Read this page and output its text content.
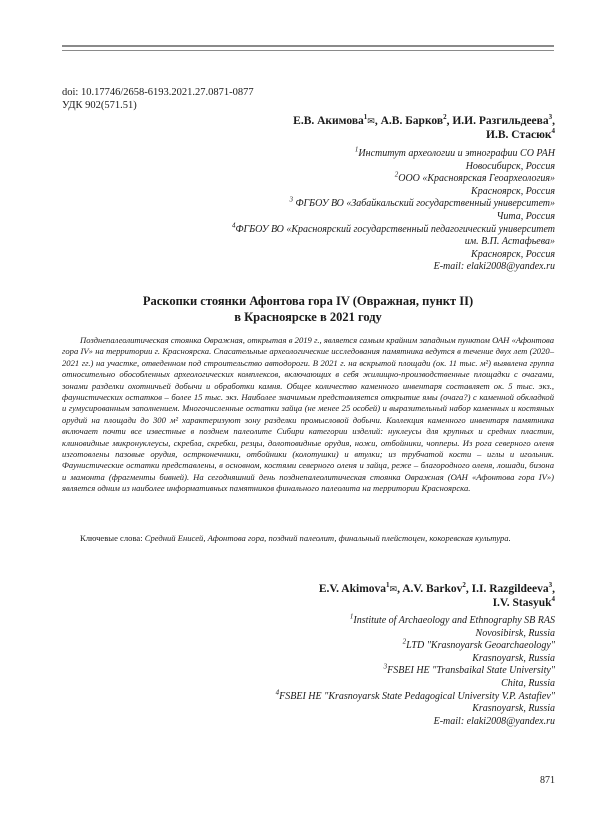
doi: 10.17746/2658-6193.2021.27.0871-0877
УДК 902(571.51)
Е.В. Акимова$^1$✉, А.В. Барков$^2$, И.И. Разгильдеева$^3$,
И.В. Стасюк$^4$
$^1$Институт археологии и этнографии СО РАН
Новосибирск, Россия
$^2$ООО «Красноярская Геоархеология»
Красноярск, Россия
$^3$ ФГБОУ ВО «Забайкальский государственный университет»
Чита, Россия
$^4$ФГБОУ ВО «Красноярский государственный педагогический университет
им. В.П. Астафьева»
Красноярск, Россия
E-mail: elaki2008@yandex.ru
Раскопки стоянки Афонтова гора IV (Овражная, пункт II)
в Красноярске в 2021 году
Позднепалеолитическая стоянка Овражная, открытая в 2019 г., является самым крайним западным пунктом ОАН «Афонтова гора IV» на территории г. Красноярска. Спасательные археологические исследования памятника ведутся в течение двух лет (2020–2021 гг.) на участке, отведенном под строительство автодороги. В 2021 г. на вскрытой площади (ок. 11 тыс. м²) выявлена группа относительно обособленных археологических комплексов, включающих в себя жилищно-производственные площадки с очагами, зонами разделки охотничьей добычи и обработки камня. Общее количество каменного инвентаря составляет ок. 5 тыс. экз., фаунистических остатков – более 15 тыс. экз. Наиболее значимым представляется открытие ямы (очага?) с каменной обкладкой и гумусированным заполнением. Многочисленные остатки зайца (не менее 25 особей) и выразительный набор каменных и костяных орудий на площади до 300 м² характеризуют зону разделки промысловой добычи. Коллекция каменного инвентаря памятника включает почти все известные в позднем палеолите Сибири категории изделий: нуклеусы для крупных и средних пластин, клиновидные микронуклеусы, скребла, скребки, резцы, долотовидные орудия, ножи, отбойники, чопперы. Из рога северного оленя изготовлены пазовые орудия, острконечники, отбойники (колотушки) и втулки; из трубчатой кости – иглы и игольник. Фаунистические остатки представлены, в основном, костями северного оленя и зайца, реже – благородного оленя, лошади, бизона и мамонта (фрагменты бивней). На сегодняшний день позднепалеолитическая стоянка Овражная (ОАН «Афонтова гора IV») является одним из наиболее информативных памятников финального палеолита на территории Красноярска.
Ключевые слова: Средний Енисей, Афонтова гора, поздний палеолит, финальный плейстоцен, кокоревская культура.
E.V. Akimova$^1$✉, A.V. Barkov$^2$, I.I. Razgildeeva$^3$,
I.V. Stasyuk$^4$
$^1$Institute of Archaeology and Ethnography SB RAS
Novosibirsk, Russia
$^2$LTD "Krasnoyarsk Geoarchaeology"
Krasnoyarsk, Russia
$^3$FSBEI HE "Transbaikal State University"
Chita, Russia
$^4$FSBEI HE "Krasnoyarsk State Pedagogical University V.P. Astafiev"
Krasnoyarsk, Russia
E-mail: elaki2008@yandex.ru
871
